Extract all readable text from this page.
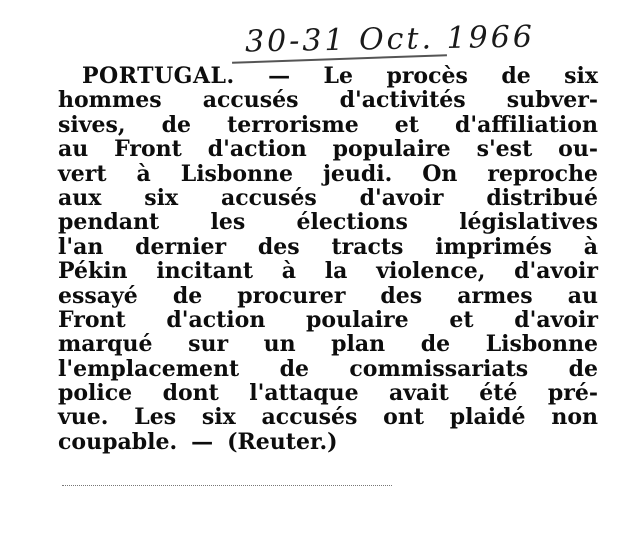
30-31 Oct. 1966
PORTUGAL. — Le procès de six
hommes accusés d'activités subver-
sives, de terrorisme et d'affiliation
au Front d'action populaire s'est ou-
vert à Lisbonne jeudi. On reproche
aux six accusés d'avoir distribué
pendant les élections législatives
l'an dernier des tracts imprimés à
Pékin incitant à la violence, d'avoir
essayé de procurer des armes au
Front d'action poulaire et d'avoir
marqué sur un plan de Lisbonne
l'emplacement de commissariats de
police dont l'attaque avait été pré-
vue. Les six accusés ont plaidé non
coupable. — (Reuter.)
